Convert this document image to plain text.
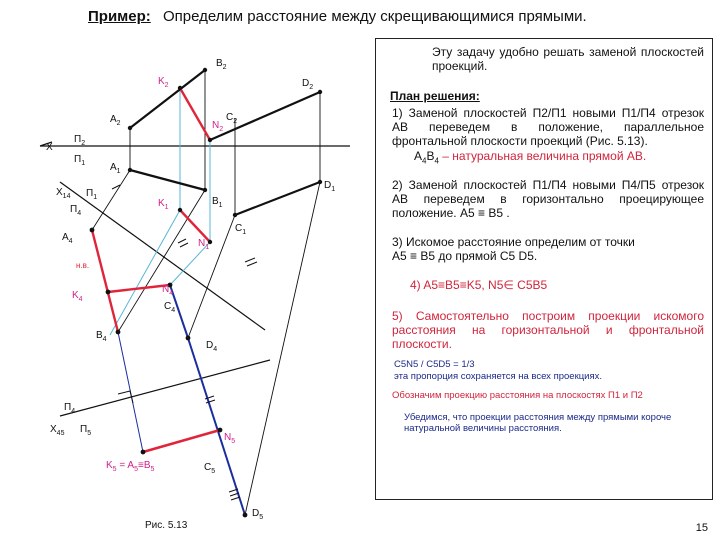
Пример: Определим расстояние между скрещивающимися прямыми.
$B_2$
$K_2$	$D_2$
$A_2$	$N_2$
$C_2$
X
$П_2$
$П_1$ $A_1$
$D_1$
$X_{14}$ $П_1$
$П_4$
$K_1$
$B_1$
$N_1$
$C_1$
$A_4$
н.в.
$K_4$
$N_4$
$C_4$
$B_4$
$D_4$
$П_4$
$X_{45}$ $П_5$	$N_5$
$K_5 = A_5\equiv B_5$	$C_5$
$D_5$
Рис. 5.13

Эту задачу удобно решать заменой плоскостей проекций.

План решения:

1) Заменой плоскостей П2/П1 новыми П1/П4 отрезок АВ переведем в положение, параллельное фронтальной плоскости проекций (Рис. 5.13).

$A_4B_4$ – натуральная величина прямой АВ.

2) Заменой плоскостей П1/П4 новыми П4/П5 отрезок АВ переведем в горизонтально проецирующее положение. A5 ≡ B5 .

3) Искомое расстояние определим от точки

A5 ≡ B5 до прямой C5 D5.

4) A5≡B5≡K5, N5∈ C5B5

5) Самостоятельно построим проекции искомого расстояния на горизонтальной и фронтальной плоскости.

C5N5 / C5D5 = 1/3

эта пропорция сохраняется на всех проекциях.

Обозначим проекцию расстояния на плоскостях П1 и П2

Убедимся, что проекции расстояния между прямыми короче натуральной величины расстояния.

15
